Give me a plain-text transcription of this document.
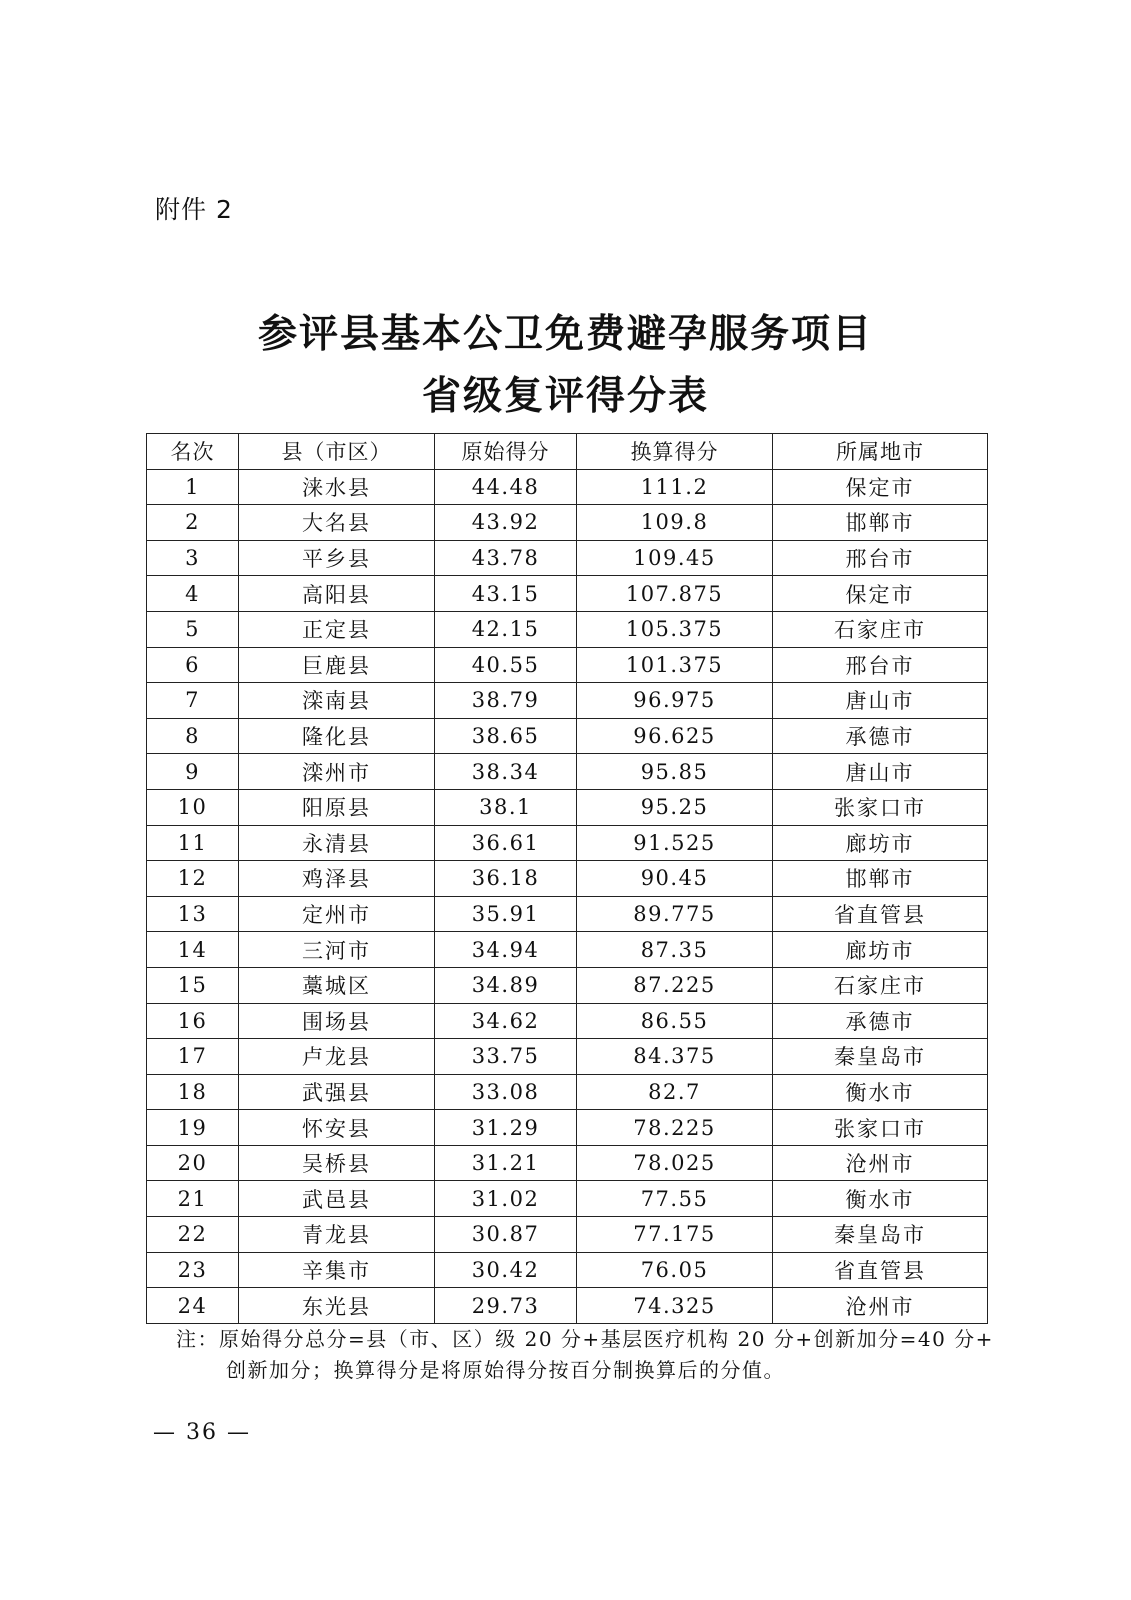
附件 2
参评县基本公卫免费避孕服务项目
省级复评得分表
名次	县（市区）	原始得分	换算得分	所属地市
1	涞水县	44.48	111.2	保定市
2	大名县	43.92	109.8	邯郸市
3	平乡县	43.78	109.45	邢台市
4	高阳县	43.15	107.875	保定市
5	正定县	42.15	105.375	石家庄市
6	巨鹿县	40.55	101.375	邢台市
7	滦南县	38.79	96.975	唐山市
8	隆化县	38.65	96.625	承德市
9	滦州市	38.34	95.85	唐山市
10	阳原县	38.1	95.25	张家口市
11	永清县	36.61	91.525	廊坊市
12	鸡泽县	36.18	90.45	邯郸市
13	定州市	35.91	89.775	省直管县
14	三河市	34.94	87.35	廊坊市
15	藁城区	34.89	87.225	石家庄市
16	围场县	34.62	86.55	承德市
17	卢龙县	33.75	84.375	秦皇岛市
18	武强县	33.08	82.7	衡水市
19	怀安县	31.29	78.225	张家口市
20	吴桥县	31.21	78.025	沧州市
21	武邑县	31.02	77.55	衡水市
22	青龙县	30.87	77.175	秦皇岛市
23	辛集市	30.42	76.05	省直管县
24	东光县	29.73	74.325	沧州市
注：原始得分总分=县（市、区）级 20 分+基层医疗机构 20 分+创新加分=40 分+
创新加分；换算得分是将原始得分按百分制换算后的分值。
— 36 —
